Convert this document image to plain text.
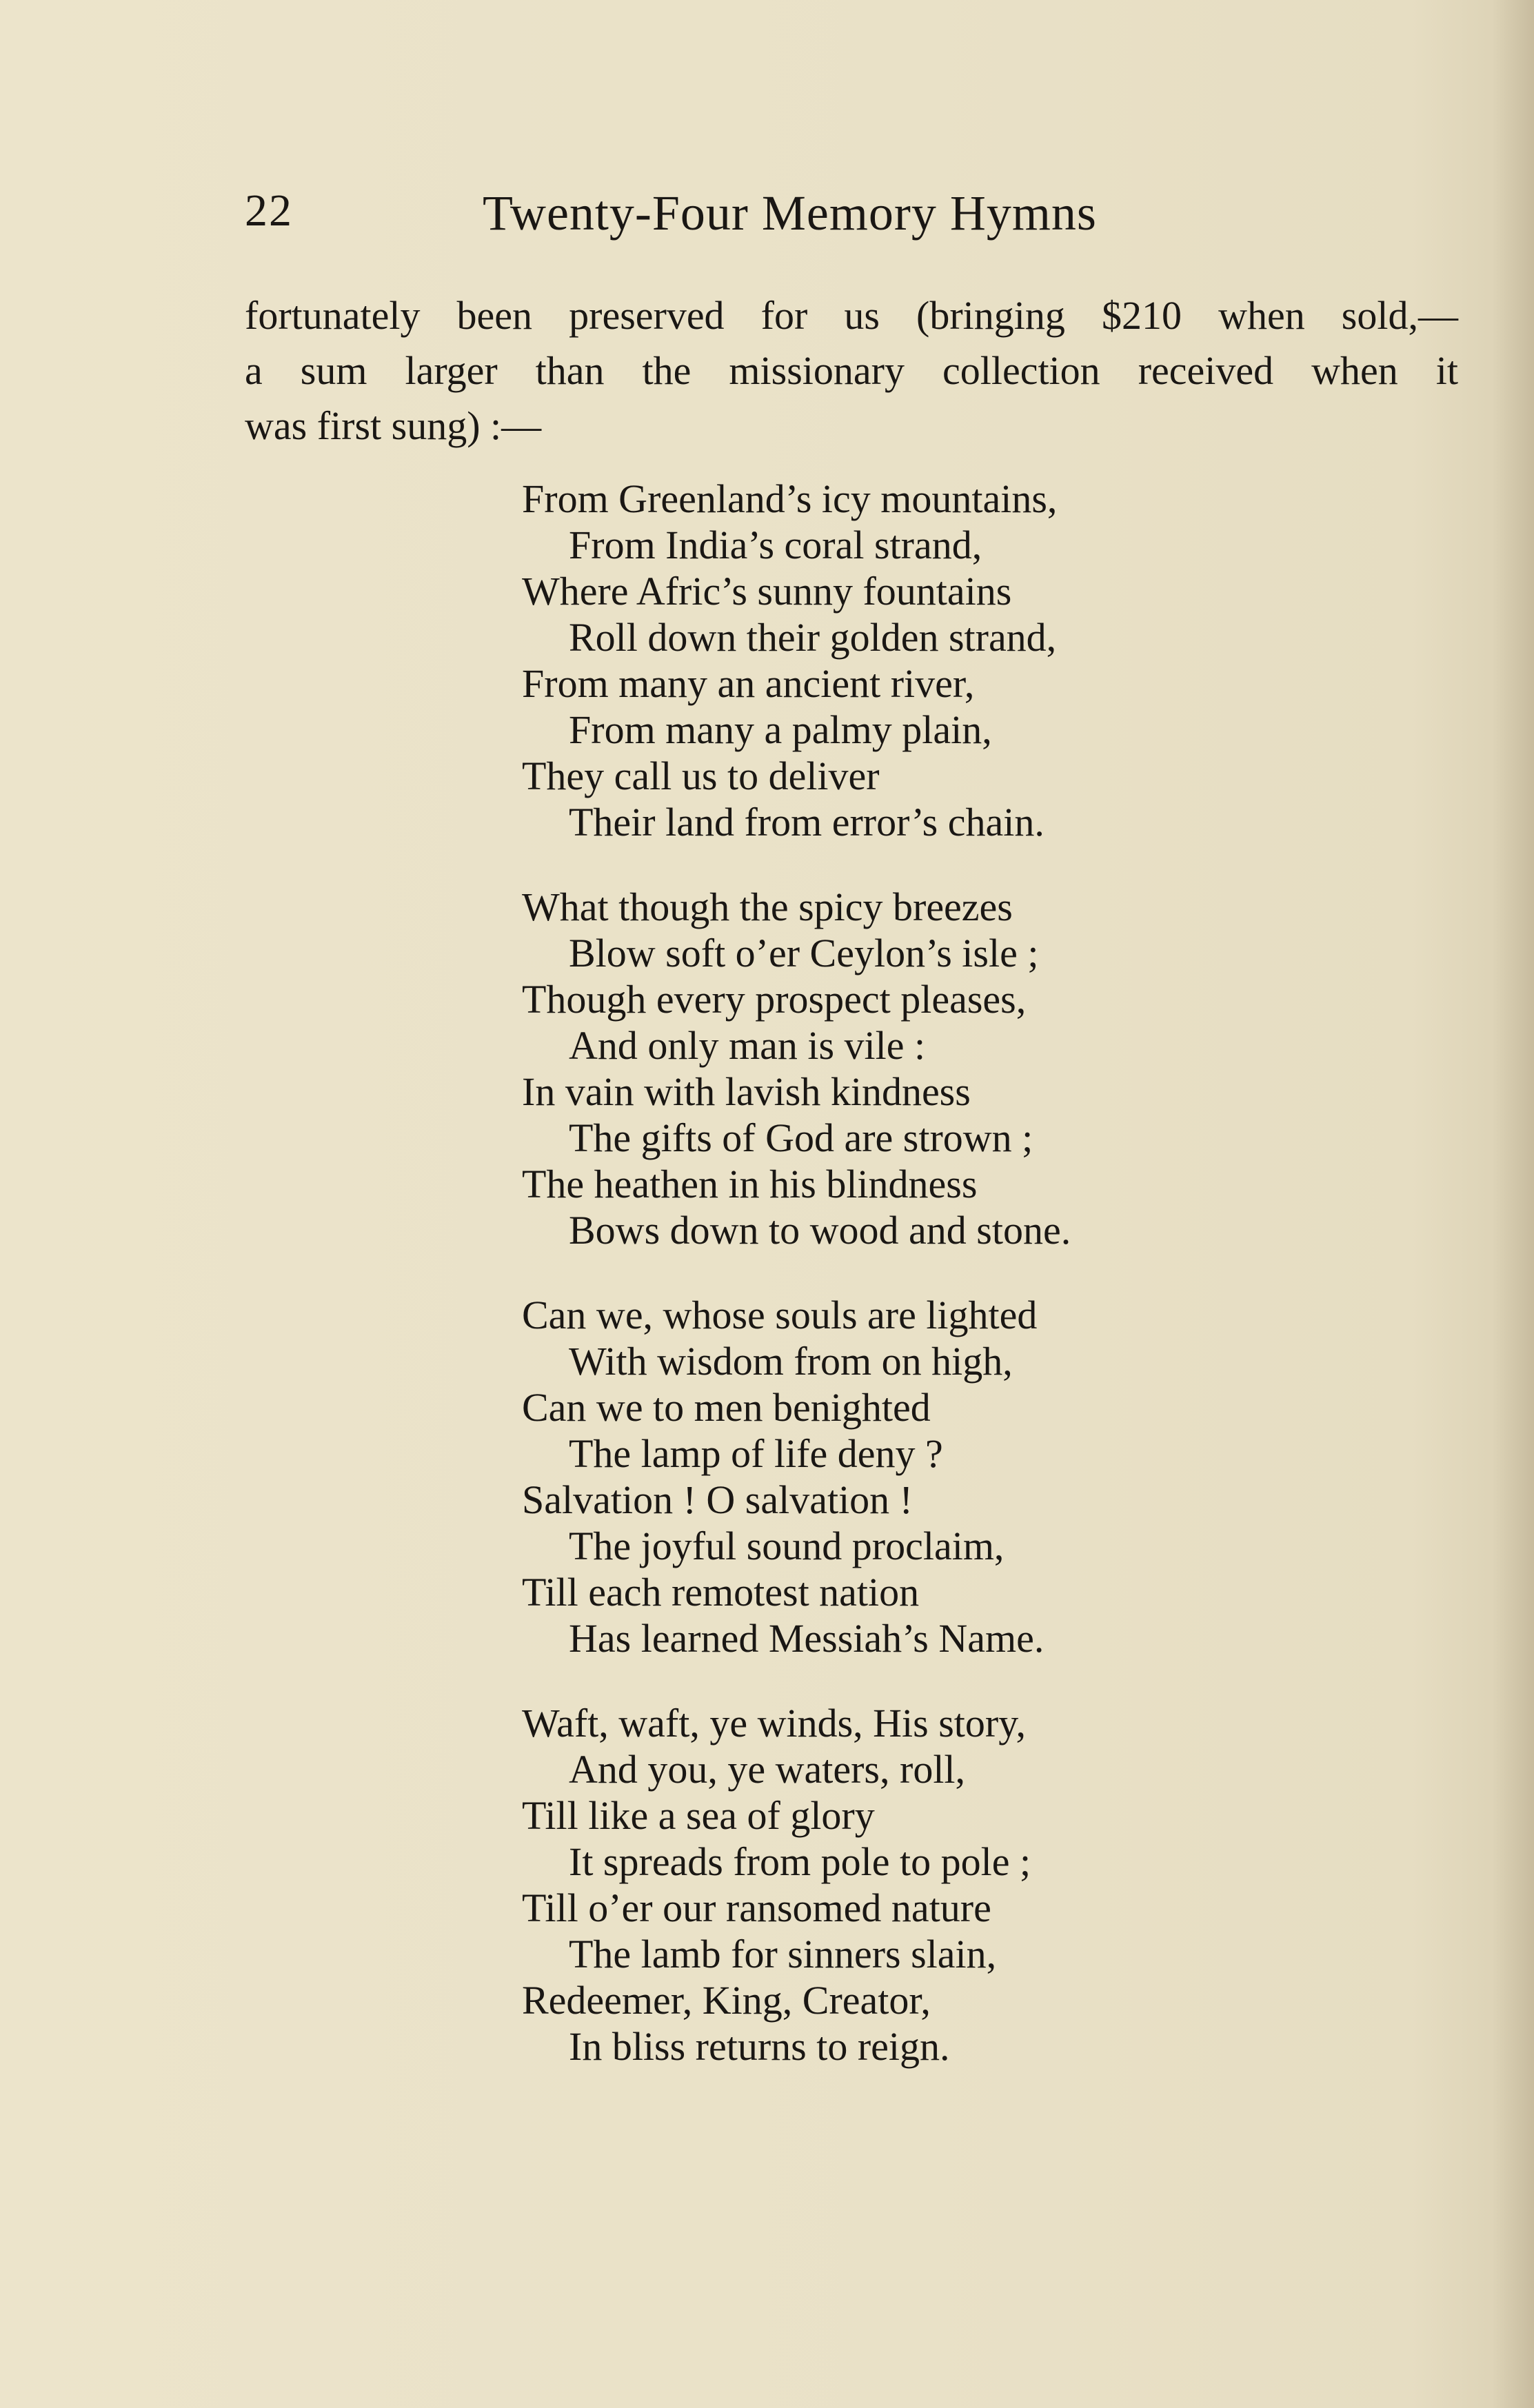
22	Twenty-Four Memory Hymns
fortunately been preserved for us (bringing $210 when sold,—
a sum larger than the missionary collection received when it
was first sung) :—
From Greenland’s icy mountains,
From India’s coral strand,
Where Afric’s sunny fountains
Roll down their golden strand,
From many an ancient river,
From many a palmy plain,
They call us to deliver
Their land from error’s chain.
What though the spicy breezes
Blow soft o’er Ceylon’s isle ;
Though every prospect pleases,
And only man is vile :
In vain with lavish kindness
The gifts of God are strown ;
The heathen in his blindness
Bows down to wood and stone.
Can we, whose souls are lighted
With wisdom from on high,
Can we to men benighted
The lamp of life deny ?
Salvation ! O salvation !
The joyful sound proclaim,
Till each remotest nation
Has learned Messiah’s Name.
Waft, waft, ye winds, His story,
And you, ye waters, roll,
Till like a sea of glory
It spreads from pole to pole ;
Till o’er our ransomed nature
The lamb for sinners slain,
Redeemer, King, Creator,
In bliss returns to reign.
